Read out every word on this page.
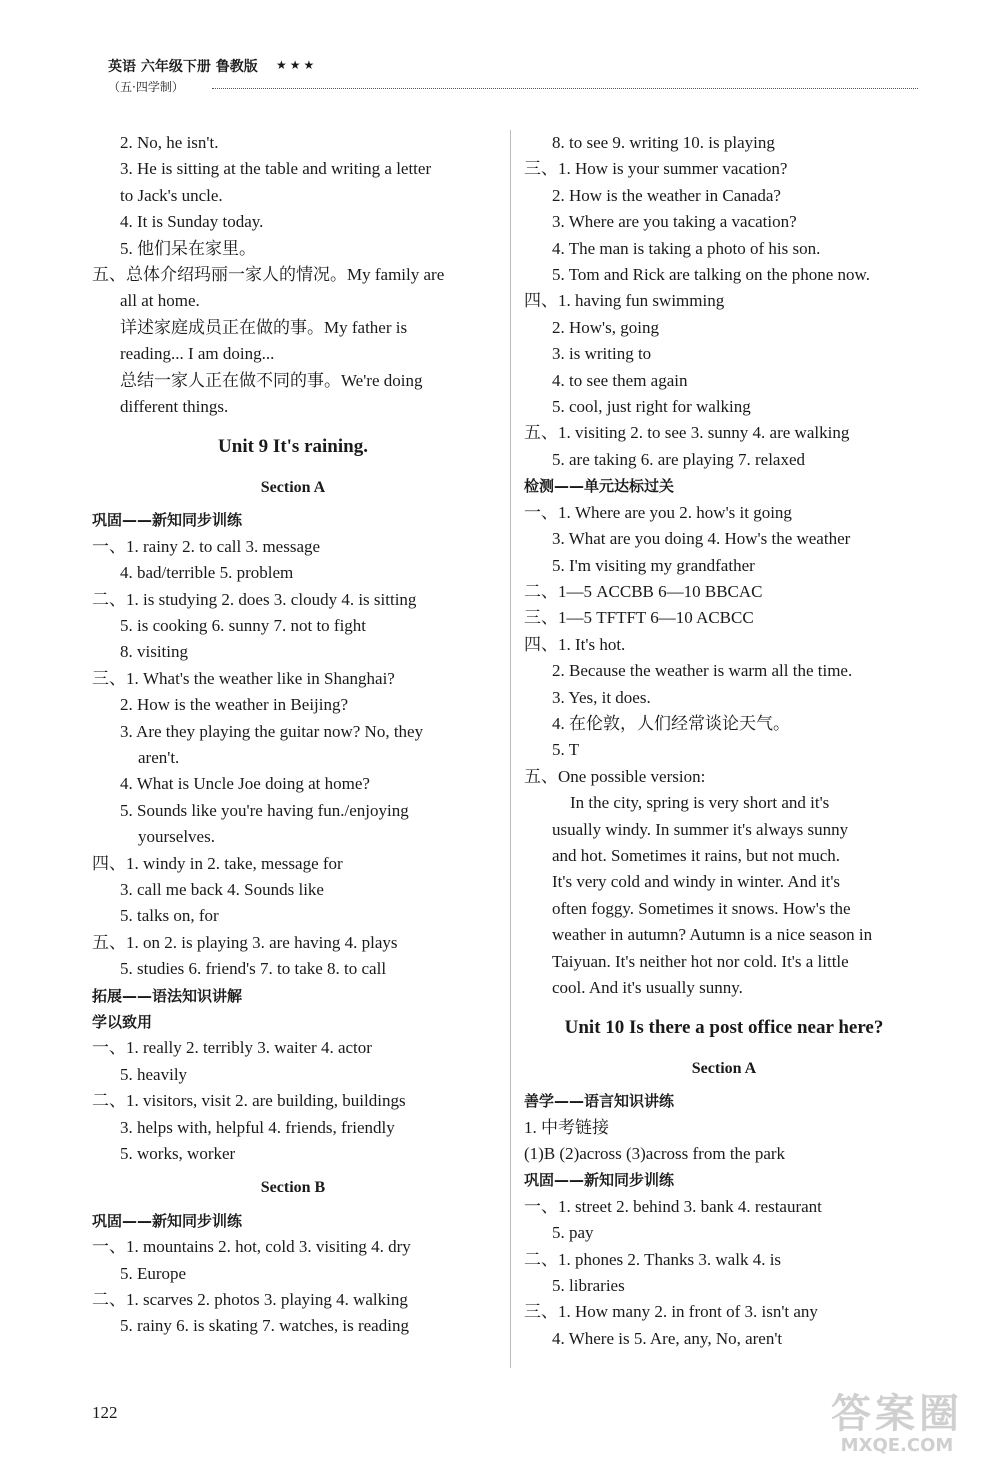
英语 六年级下册 鲁教版 ★ ★ ★
（五·四学制）
2. No, he isn't.
3. He is sitting at the table and writing a letter
to Jack's uncle.
4. It is Sunday today.
5. 他们呆在家里。
五、总体介绍玛丽一家人的情况。My family are
all at home.
详述家庭成员正在做的事。My father is
reading... I am doing...
总结一家人正在做不同的事。We're doing
different things.
Unit 9 It's raining.
Section A
巩固——新知同步训练
一、1. rainy 2. to call 3. message
4. bad/terrible 5. problem
二、1. is studying 2. does 3. cloudy 4. is sitting
5. is cooking 6. sunny 7. not to fight
8. visiting
三、1. What's the weather like in Shanghai?
2. How is the weather in Beijing?
3. Are they playing the guitar now? No, they
aren't.
4. What is Uncle Joe doing at home?
5. Sounds like you're having fun./enjoying
yourselves.
四、1. windy in 2. take, message for
3. call me back 4. Sounds like
5. talks on, for
五、1. on 2. is playing 3. are having 4. plays
5. studies 6. friend's 7. to take 8. to call
拓展——语法知识讲解
学以致用
一、1. really 2. terribly 3. waiter 4. actor
5. heavily
二、1. visitors, visit 2. are building, buildings
3. helps with, helpful 4. friends, friendly
5. works, worker
Section B
巩固——新知同步训练
一、1. mountains 2. hot, cold 3. visiting 4. dry
5. Europe
二、1. scarves 2. photos 3. playing 4. walking
5. rainy 6. is skating 7. watches, is reading
8. to see 9. writing 10. is playing
三、1. How is your summer vacation?
2. How is the weather in Canada?
3. Where are you taking a vacation?
4. The man is taking a photo of his son.
5. Tom and Rick are talking on the phone now.
四、1. having fun swimming
2. How's, going
3. is writing to
4. to see them again
5. cool, just right for walking
五、1. visiting 2. to see 3. sunny 4. are walking
5. are taking 6. are playing 7. relaxed
检测——单元达标过关
一、1. Where are you 2. how's it going
3. What are you doing 4. How's the weather
5. I'm visiting my grandfather
二、1—5 ACCBB 6—10 BBCAC
三、1—5 TFTFT 6—10 ACBCC
四、1. It's hot.
2. Because the weather is warm all the time.
3. Yes, it does.
4. 在伦敦，人们经常谈论天气。
5. T
五、One possible version:
In the city, spring is very short and it's
usually windy. In summer it's always sunny
and hot. Sometimes it rains, but not much.
It's very cold and windy in winter. And it's
often foggy. Sometimes it snows. How's the
weather in autumn? Autumn is a nice season in
Taiyuan. It's neither hot nor cold. It's a little
cool. And it's usually sunny.
Unit 10 Is there a post office near here?
Section A
善学——语言知识讲练
1. 中考链接
(1)B (2)across (3)across from the park
巩固——新知同步训练
一、1. street 2. behind 3. bank 4. restaurant
5. pay
二、1. phones 2. Thanks 3. walk 4. is
5. libraries
三、1. How many 2. in front of 3. isn't any
4. Where is 5. Are, any, No, aren't
122	答案圈
MXQE.COM
